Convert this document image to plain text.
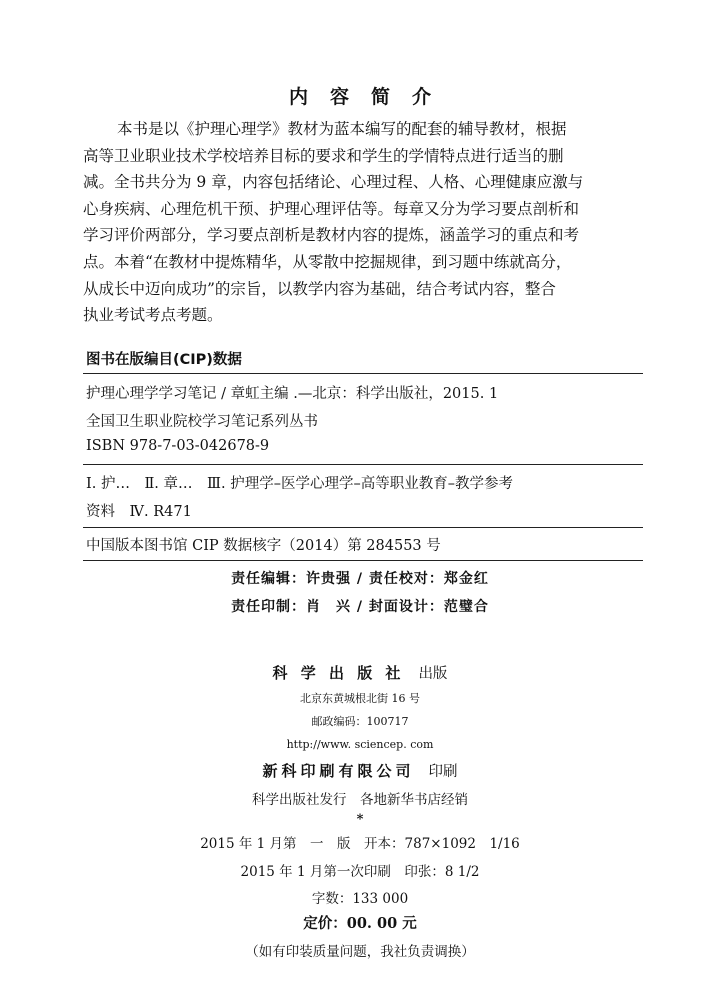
内 容 简 介
本书是以《护理心理学》教材为蓝本编写的配套的辅导教材，根据
高等卫业职业技术学校培养目标的要求和学生的学情特点进行适当的删
减。全书共分为 9 章，内容包括绪论、心理过程、人格、心理健康应激与
心身疾病、心理危机干预、护理心理评估等。每章又分为学习要点剖析和
学习评价两部分，学习要点剖析是教材内容的提炼，涵盖学习的重点和考
点。本着“在教材中提炼精华，从零散中挖掘规律，到习题中练就高分，
从成长中迈向成功”的宗旨，以教学内容为基础，结合考试内容，整合
执业考试考点考题。
图书在版编目(CIP)数据
护理心理学学习笔记 / 章虹主编 .—北京：科学出版社，2015. 1
全国卫生职业院校学习笔记系列丛书
ISBN 978-7-03-042678-9
Ⅰ. 护…　Ⅱ. 章…　Ⅲ. 护理学–医学心理学–高等职业教育–教学参考
资料　Ⅳ. R471
中国版本图书馆 CIP 数据核字（2014）第 284553 号
责任编辑：许贵强 / 责任校对：郑金红
责任印制：肖　兴 / 封面设计：范璧合
科 学 出 版 社 出版
北京东黄城根北街 16 号
邮政编码：100717
http://www. sciencep. com
新科印刷有限公司 印刷
科学出版社发行　各地新华书店经销
*
2015 年 1 月第　一　版　开本：787×1092　1/16
2015 年 1 月第一次印刷　印张：8 1/2
字数：133 000
定价：00. 00 元
（如有印装质量问题，我社负责调换）
